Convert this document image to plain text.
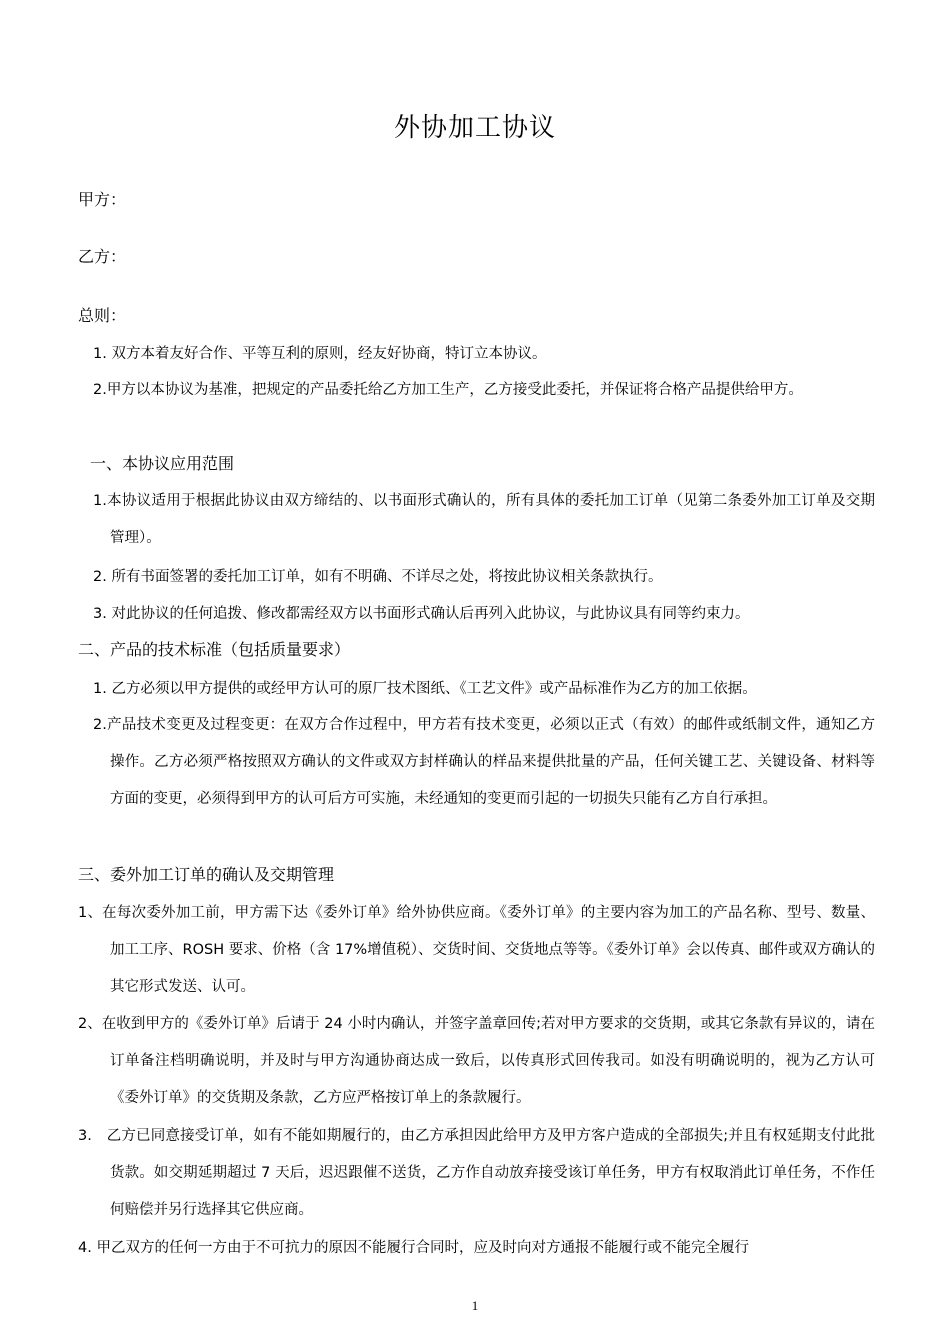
外协加工协议
甲方：
乙方：
总则：
1. 双方本着友好合作、平等互利的原则，经友好协商，特订立本协议。
2.甲方以本协议为基准，把规定的产品委托给乙方加工生产，乙方接受此委托，并保证将合格产品提供给甲方。
一、本协议应用范围
1.本协议适用于根据此协议由双方缔结的、以书面形式确认的，所有具体的委托加工订单（见第二条委外加工订单及交期管理）。
2. 所有书面签署的委托加工订单，如有不明确、不详尽之处，将按此协议相关条款执行。
3. 对此协议的任何追拨、修改都需经双方以书面形式确认后再列入此协议，与此协议具有同等约束力。
二、产品的技术标准（包括质量要求）
1. 乙方必须以甲方提供的或经甲方认可的原厂技术图纸、《工艺文件》或产品标准作为乙方的加工依据。
2.产品技术变更及过程变更：在双方合作过程中，甲方若有技术变更，必须以正式（有效）的邮件或纸制文件，通知乙方操作。乙方必须严格按照双方确认的文件或双方封样确认的样品来提供批量的产品，任何关键工艺、关键设备、材料等方面的变更，必须得到甲方的认可后方可实施，未经通知的变更而引起的一切损失只能有乙方自行承担。
三、委外加工订单的确认及交期管理
1、在每次委外加工前，甲方需下达《委外订单》给外协供应商。《委外订单》的主要内容为加工的产品名称、型号、数量、加工工序、ROSH 要求、价格（含 17%增值税）、交货时间、交货地点等等。《委外订单》会以传真、邮件或双方确认的其它形式发送、认可。
2、在收到甲方的《委外订单》后请于 24 小时内确认，并签字盖章回传;若对甲方要求的交货期，或其它条款有异议的，请在订单备注档明确说明，并及时与甲方沟通协商达成一致后，以传真形式回传我司。如没有明确说明的，视为乙方认可《委外订单》的交货期及条款，乙方应严格按订单上的条款履行。
3.　乙方已同意接受订单，如有不能如期履行的，由乙方承担因此给甲方及甲方客户造成的全部损失;并且有权延期支付此批货款。如交期延期超过 7 天后，迟迟跟催不送货，乙方作自动放弃接受该订单任务，甲方有权取消此订单任务，不作任何赔偿并另行选择其它供应商。
4. 甲乙双方的任何一方由于不可抗力的原因不能履行合同时，应及时向对方通报不能履行或不能完全履行
1
